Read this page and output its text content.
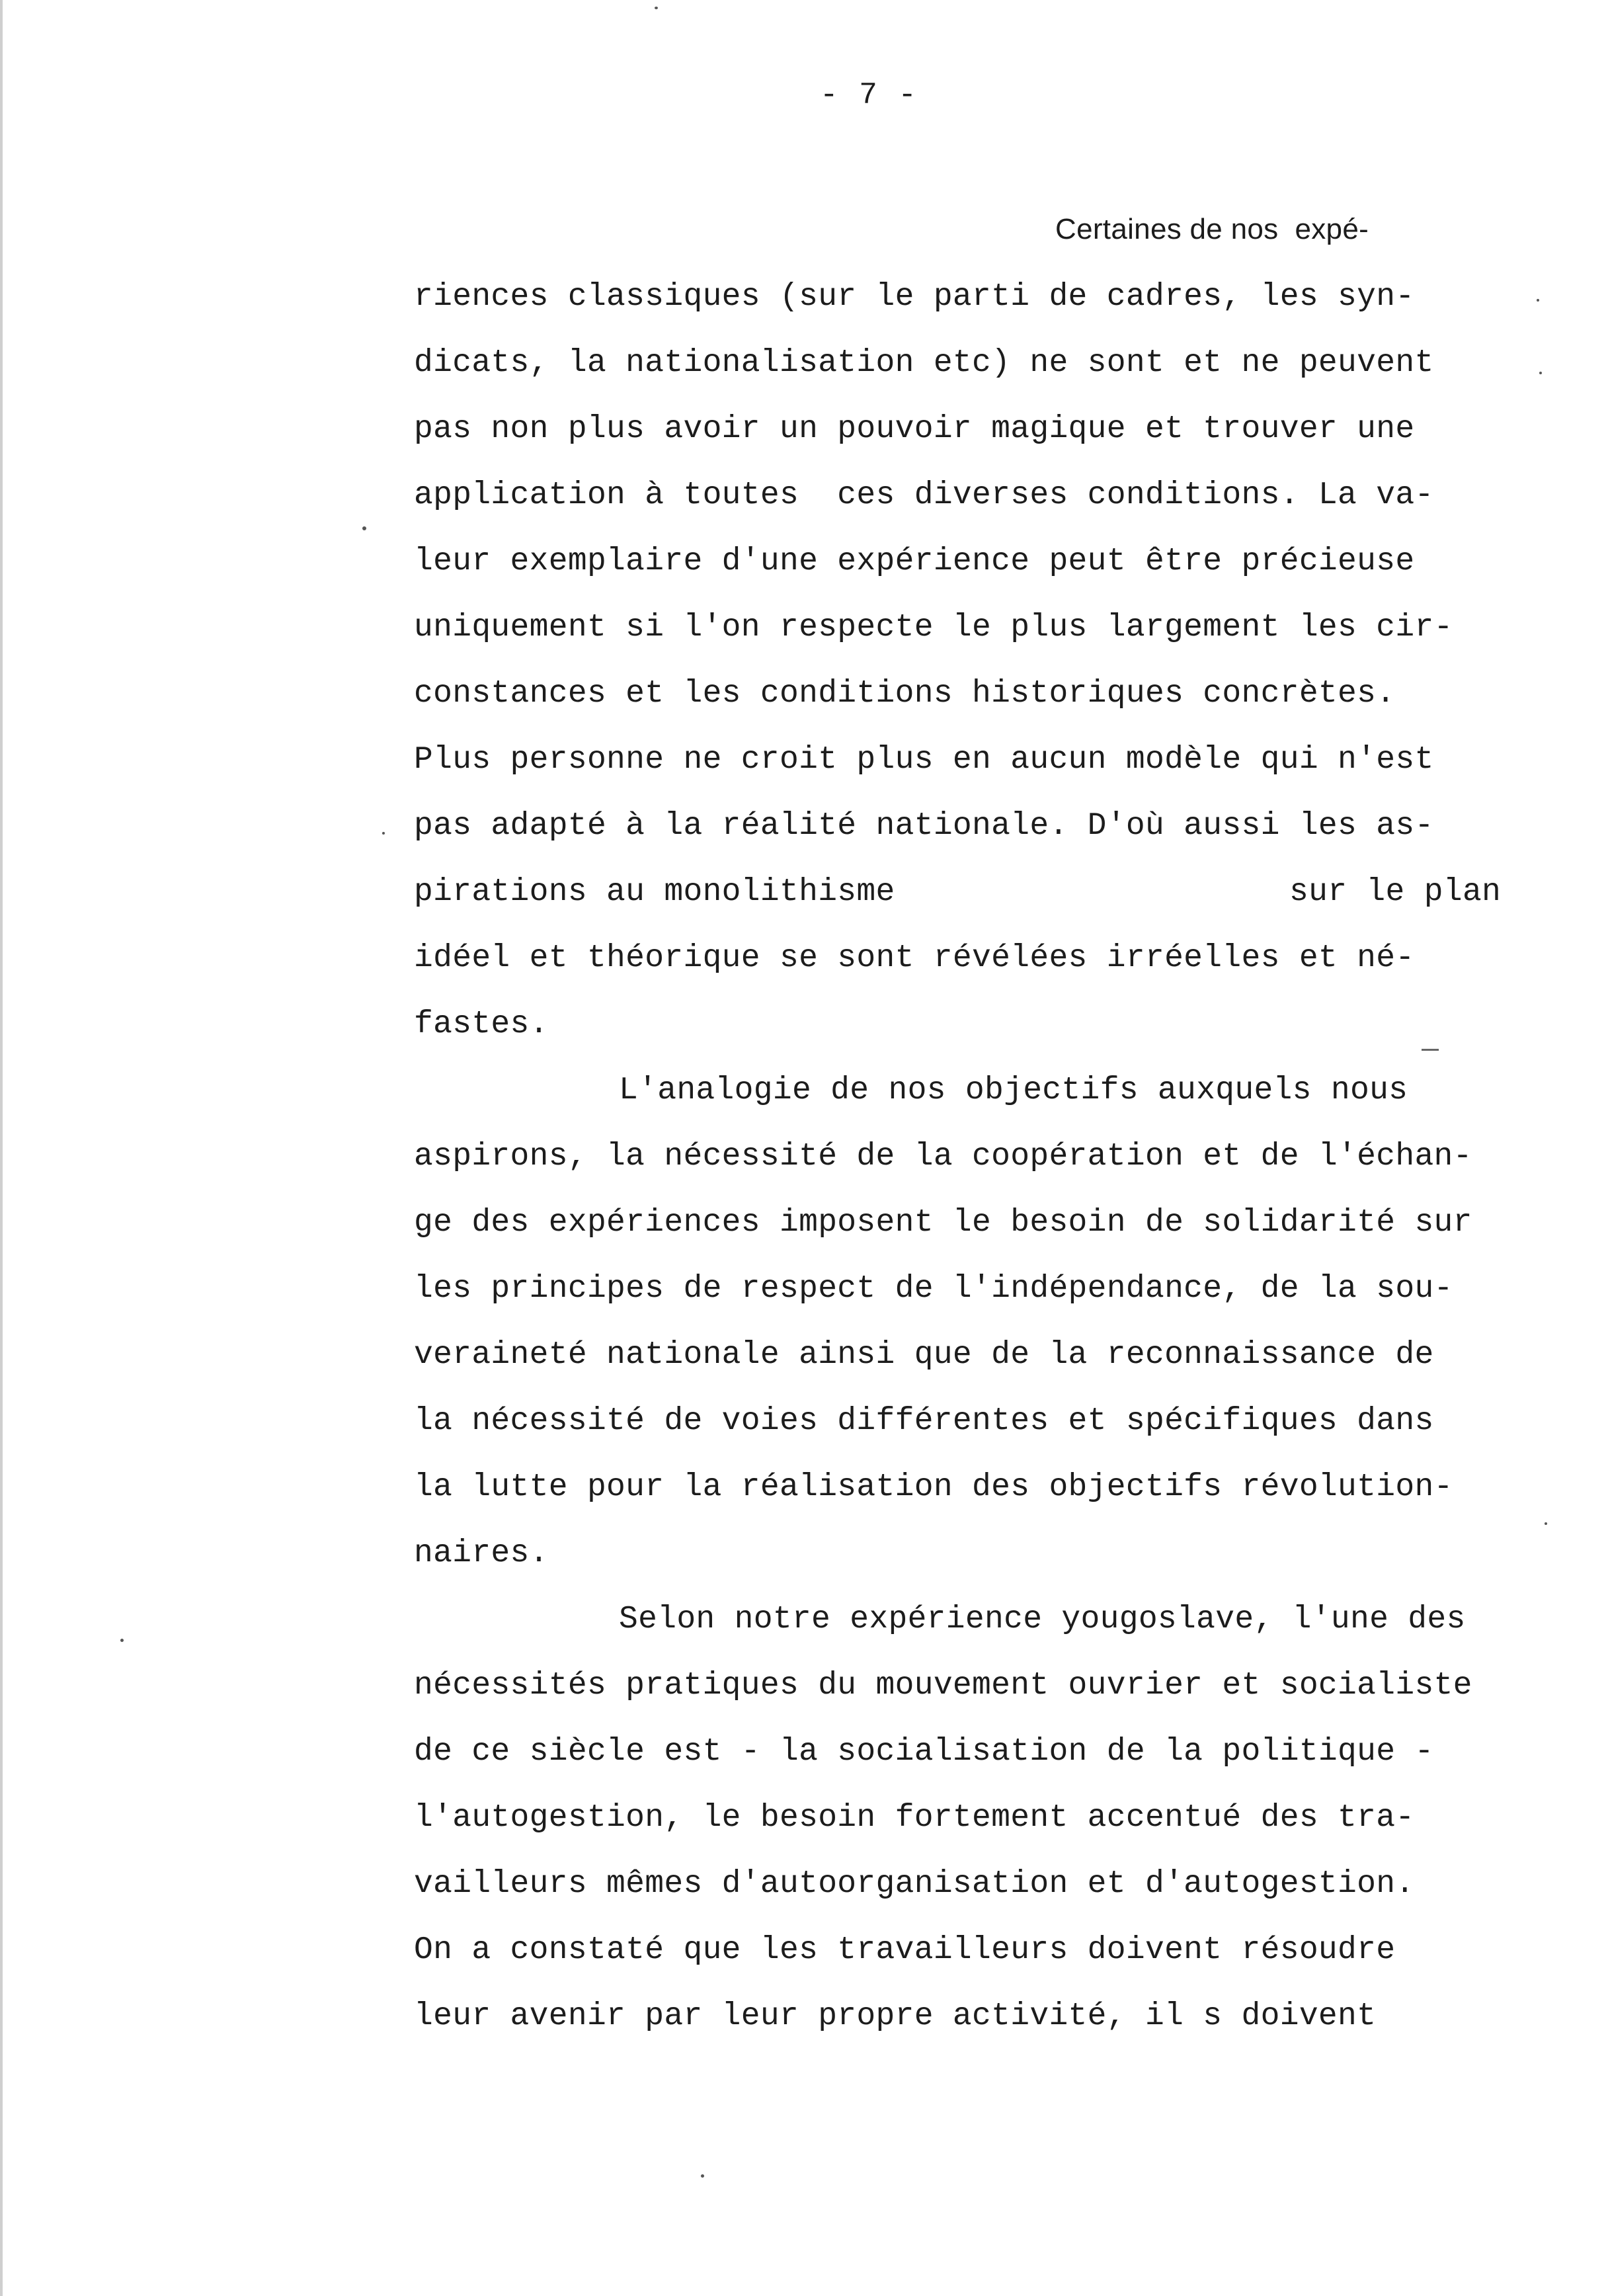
- 7 -
Certaines de nos  expé-
riences classiques (sur le parti de cadres, les syn-
dicats, la nationalisation etc) ne sont et ne peuvent
pas non plus avoir un pouvoir magique et trouver une
application à toutes  ces diverses conditions. La va-
leur exemplaire d'une expérience peut être précieuse
uniquement si l'on respecte le plus largement les cir-
constances et les conditions historiques concrètes.
Plus personne ne croit plus en aucun modèle qui n'est
pas adapté à la réalité nationale. D'où aussi les as-
pirations au monolithisme	sur le plan
idéel et théorique se sont révélées irréelles et né-
fastes.
L'analogie de nos objectifs auxquels nous
aspirons, la nécessité de la coopération et de l'échan-
ge des expériences imposent le besoin de solidarité sur
les principes de respect de l'indépendance, de la sou-
veraineté nationale ainsi que de la reconnaissance de
la nécessité de voies différentes et spécifiques dans
la lutte pour la réalisation des objectifs révolution-
naires.
Selon notre expérience yougoslave, l'une des
nécessités pratiques du mouvement ouvrier et socialiste
de ce siècle est - la socialisation de la politique -
l'autogestion, le besoin fortement accentué des tra-
vailleurs mêmes d'autoorganisation et d'autogestion.
On a constaté que les travailleurs doivent résoudre
leur avenir par leur propre activité, il s doivent
